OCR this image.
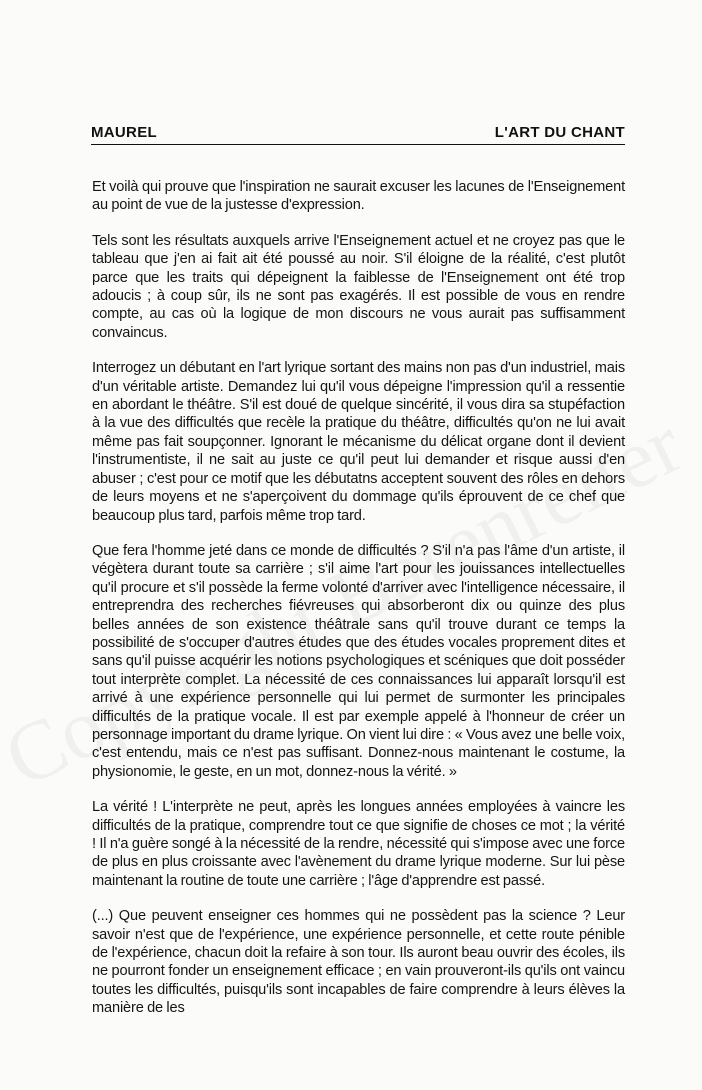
MAUREL	L'ART DU CHANT

Et voilà qui prouve que l'inspiration ne saurait excuser les lacunes de l'Enseignement au point de vue de la justesse d'expression.

Tels sont les résultats auxquels arrive l'Enseignement actuel et ne croyez pas que le tableau que j'en ai fait ait été poussé au noir. S'il éloigne de la réalité, c'est plutôt parce que les traits qui dépeignent la faiblesse de l'Enseignement ont été trop adoucis ; à coup sûr, ils ne sont pas exagérés. Il est possible de vous en rendre compte, au cas où la logique de mon discours ne vous aurait pas suffisamment convaincus.

Interrogez un débutant en l'art lyrique sortant des mains non pas d'un industriel, mais d'un véritable artiste. Demandez lui qu'il vous dépeigne l'impression qu'il a ressentie en abordant le théâtre. S'il est doué de quelque sincérité, il vous dira sa stupéfaction à la vue des difficultés que recèle la pratique du théâtre, difficultés qu'on ne lui avait même pas fait soupçonner. Ignorant le mécanisme du délicat organe dont il devient l'instrumentiste, il ne sait au juste ce qu'il peut lui demander et risque aussi d'en abuser ; c'est pour ce motif que les débutatns acceptent souvent des rôles en dehors de leurs moyens et ne s'aperçoivent du dommage qu'ils éprouvent de ce chef que beaucoup plus tard, parfois même trop tard.

Que fera l'homme jeté dans ce monde de difficultés ? S'il n'a pas l'âme d'un artiste, il végètera durant toute sa carrière ; s'il aime l'art pour les jouissances intellectuelles qu'il procure et s'il possède la ferme volonté d'arriver avec l'intelligence nécessaire, il entreprendra des recherches fiévreuses qui absorberont dix ou quinze des plus belles années de son existence théâtrale sans qu'il trouve durant ce temps la possibilité de s'occuper d'autres études que des études vocales proprement dites et sans qu'il puisse acquérir les notions psychologiques et scéniques que doit posséder tout interprète complet. La nécessité de ces connaissances lui apparaît lorsqu'il est arrivé à une expérience personnelle qui lui permet de surmonter les principales difficultés de la pratique vocale. Il est par exemple appelé à l'honneur de créer un personnage important du drame lyrique. On vient lui dire : « Vous avez une belle voix, c'est entendu, mais ce n'est pas suffisant. Donnez-nous maintenant le costume, la physionomie, le geste, en un mot, donnez-nous la vérité. »

La vérité ! L'interprète ne peut, après les longues années employées à vaincre les difficultés de la pratique, comprendre tout ce que signifie de choses ce mot ; la vérité ! Il n'a guère songé à la nécessité de la rendre, nécessité qui s'impose avec une force de plus en plus croissante avec l'avènement du drame lyrique moderne. Sur lui pèse maintenant la routine de toute une carrière ; l'âge d'apprendre est passé.

(...) Que peuvent enseigner ces hommes qui ne possèdent pas la science ? Leur savoir n'est que de l'expérience, une expérience personnelle, et cette route pénible de l'expérience, chacun doit la refaire à son tour. Ils auront beau ouvrir des écoles, ils ne pourront fonder un enseignement efficace ; en vain prouveront-ils qu'ils ont vaincu toutes les difficultés, puisqu'ils sont incapables de faire comprendre à leurs élèves la manière de les
